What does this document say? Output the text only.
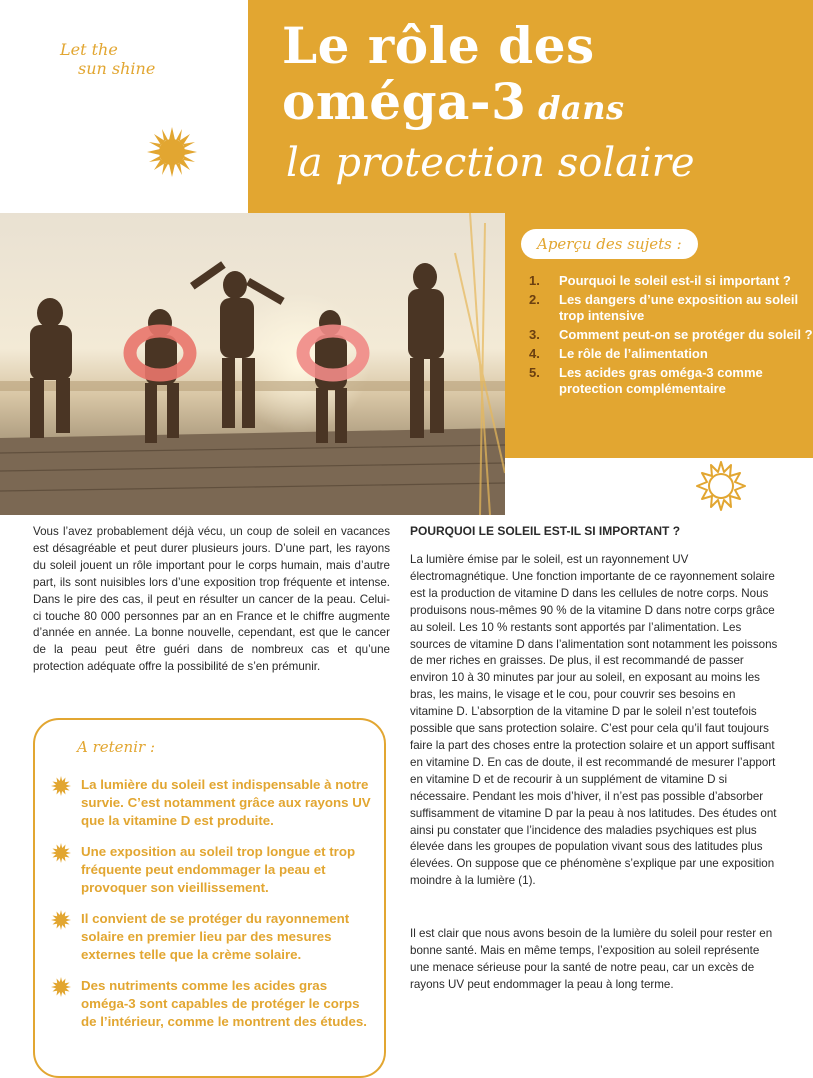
Let the
sun shine	Le rôle des
oméga-3 dans
la protection solaire
Aperçu des sujets :
1. Pourquoi le soleil est-il si important ?
2. Les dangers d’une exposition au soleil trop intensive
3. Comment peut-on se protéger du soleil ?
4. Le rôle de l’alimentation
5. Les acides gras oméga-3 comme protection complémentaire

Vous l’avez probablement déjà vécu, un coup de soleil en vacances est désagréable et peut durer plusieurs jours. D’une part, les rayons du soleil jouent un rôle important pour le corps humain, mais d’autre part, ils sont nuisibles lors d’une exposition trop fréquente et intense. Dans le pire des cas, il peut en résulter un cancer de la peau. Celui-ci touche 80 000 personnes par an en France et le chiffre augmente d’année en année. La bonne nouvelle, cependant, est que le cancer de la peau peut être guéri dans de nombreux cas et qu’une protection adéquate offre la possibilité de s’en prémunir.

A retenir :
La lumière du soleil est indispensable à notre survie. C’est notamment grâce aux rayons UV que la vitamine D est produite.
Une exposition au soleil trop longue et trop fréquente peut endommager la peau et provoquer son vieillissement.
Il convient de se protéger du rayonnement solaire en premier lieu par des mesures externes telle que la crème solaire.
Des nutriments comme les acides gras oméga-3 sont capables de protéger le corps de l’intérieur, comme le montrent des études.
POURQUOI LE SOLEIL EST-IL SI IMPORTANT ?

La lumière émise par le soleil, est un rayonnement UV électromagnétique. Une fonction importante de ce rayonnement solaire est la production de vitamine D dans les cellules de notre corps. Nous produisons nous-mêmes 90 % de la vitamine D dans notre corps grâce au soleil. Les 10 % restants sont apportés par l’alimentation. Les sources de vitamine D dans l’alimentation sont notamment les poissons de mer riches en graisses. De plus, il est recommandé de passer environ 10 à 30 minutes par jour au soleil, en exposant au moins les bras, les mains, le visage et le cou, pour couvrir ses besoins en vitamine D. L’absorption de la vitamine D par le soleil n’est toutefois possible que sans protection solaire. C’est pour cela qu’il faut toujours faire la part des choses entre la protection solaire et un apport suffisant en vitamine D. En cas de doute, il est recommandé de mesurer l’apport en vitamine D et de recourir à un supplément de vitamine D si nécessaire. Pendant les mois d’hiver, il n’est pas possible d’absorber suffisamment de vitamine D par la peau à nos latitudes. Des études ont ainsi pu constater que l’incidence des maladies psychiques est plus élevée dans les groupes de population vivant sous des latitudes plus élevées. On suppose que ce phénomène s’explique par une exposition moindre à la lumière (1).

Il est clair que nous avons besoin de la lumière du soleil pour rester en bonne santé. Mais en même temps, l’exposition au soleil représente une menace sérieuse pour la santé de notre peau, car un excès de rayons UV peut endommager la peau à long terme.
